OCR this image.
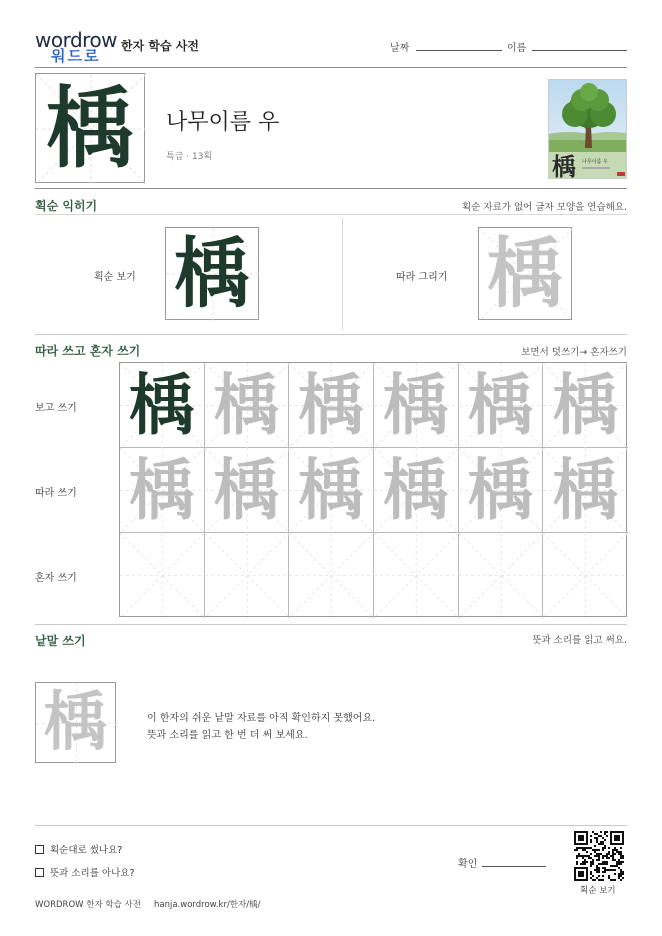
wordrow
워드로
한자 학습 사전	날짜	이름
楀	나무이름 우
특급 · 13획	楀 나무이름 우
획순 익히기	획순 자료가 없어 글자 모양을 연습해요.
획순 보기 楀	따라 그리기 楀
따라 쓰고 혼자 쓰기	보면서 덧쓰기→ 혼자쓰기
보고 쓰기
따라 쓰기
혼자 쓰기
楀 楀 楀 楀 楀 楀
楀 楀 楀 楀 楀 楀
낱말 쓰기	뜻과 소리를 읽고 써요.
楀	이 한자의 쉬운 낱말 자료를 아직 확인하지 못했어요.
뜻과 소리를 읽고 한 번 더 써 보세요.
획순대로 썼나요?
뜻과 소리를 아나요?
확인
획순 보기
WORDROW 한자 학습 사전 hanja.wordrow.kr/한자/楀/
